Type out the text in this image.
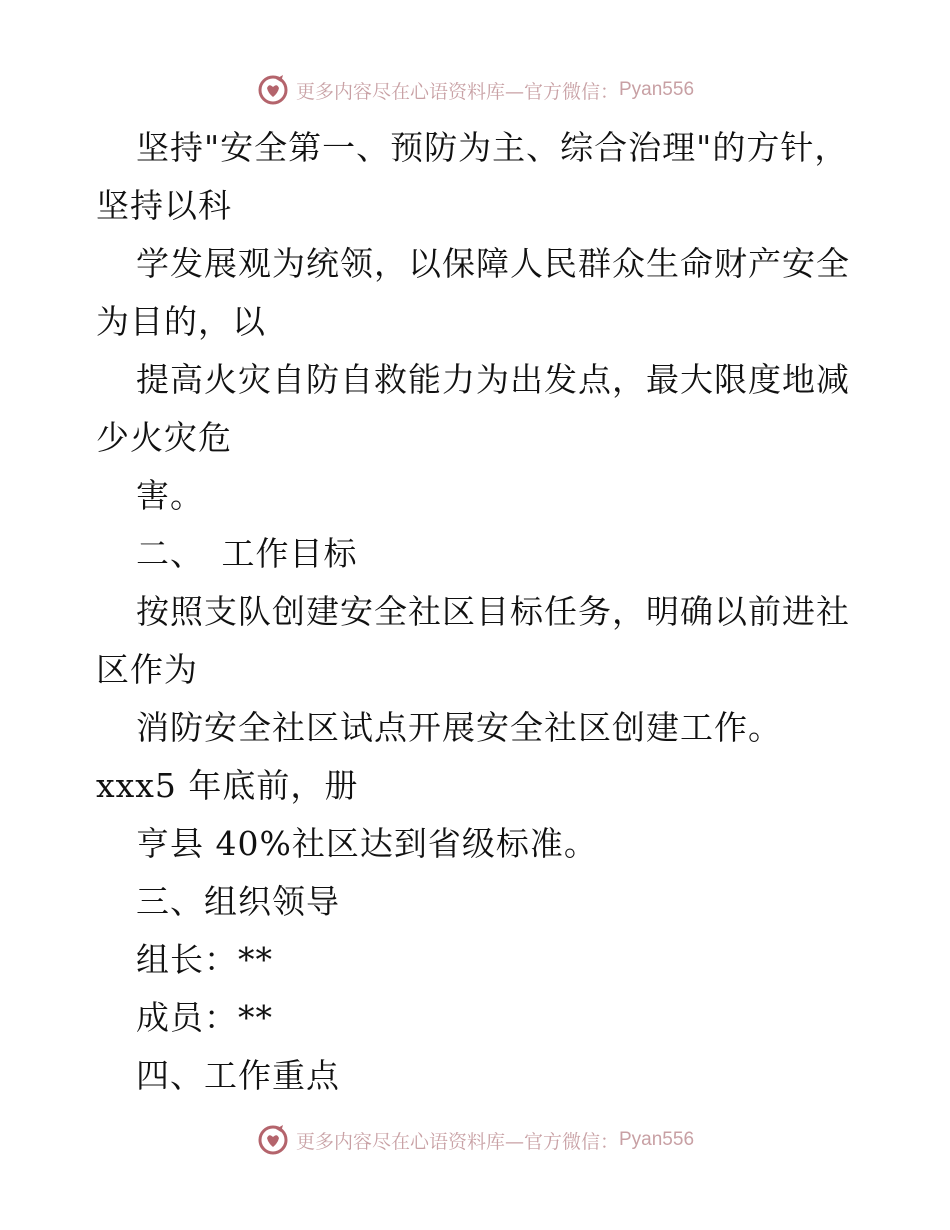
更多内容尽在心语资料库—官方微信： Pyan556
坚持"安全第一、预防为主、综合治理"的方针，
坚持以科
学发展观为统领，以保障人民群众生命财产安全
为目的，以
提高火灾自防自救能力为出发点，最大限度地减
少火灾危
害。
二、　工作目标
按照支队创建安全社区目标任务，明确以前进社
区作为
消防安全社区试点开展安全社区创建工作。
xxx5 年底前，册
亨县 40%社区达到省级标准。
三、组织领导
组长：**
成员：**
四、工作重点
更多内容尽在心语资料库—官方微信： Pyan556
